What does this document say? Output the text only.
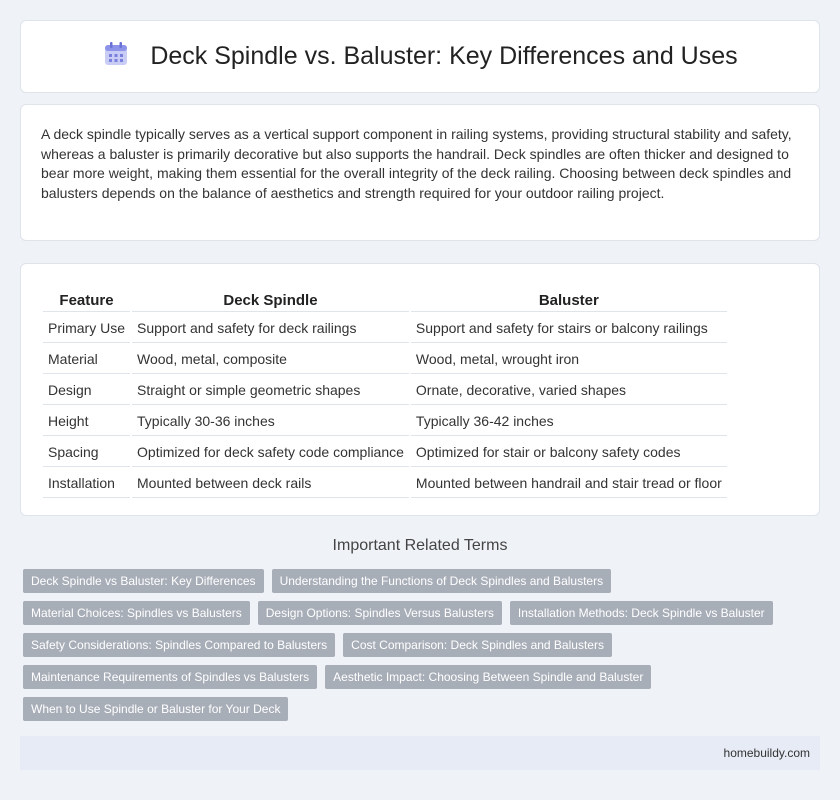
Deck Spindle vs. Baluster: Key Differences and Uses

A deck spindle typically serves as a vertical support component in railing systems, providing structural stability and safety, whereas a baluster is primarily decorative but also supports the handrail. Deck spindles are often thicker and designed to bear more weight, making them essential for the overall integrity of the deck railing. Choosing between deck spindles and balusters depends on the balance of aesthetics and strength required for your outdoor railing project.

Feature	Deck Spindle	Baluster
Primary Use	Support and safety for deck railings	Support and safety for stairs or balcony railings
Material	Wood, metal, composite	Wood, metal, wrought iron
Design	Straight or simple geometric shapes	Ornate, decorative, varied shapes
Height	Typically 30-36 inches	Typically 36-42 inches
Spacing	Optimized for deck safety code compliance	Optimized for stair or balcony safety codes
Installation	Mounted between deck rails	Mounted between handrail and stair tread or floor
Important Related Terms
Deck Spindle vs Baluster: Key Differences	Understanding the Functions of Deck Spindles and Balusters
Material Choices: Spindles vs Balusters	Design Options: Spindles Versus Balusters	Installation Methods: Deck Spindle vs Baluster
Safety Considerations: Spindles Compared to Balusters	Cost Comparison: Deck Spindles and Balusters
Maintenance Requirements of Spindles vs Balusters	Aesthetic Impact: Choosing Between Spindle and Baluster
When to Use Spindle or Baluster for Your Deck
homebuildy.com
